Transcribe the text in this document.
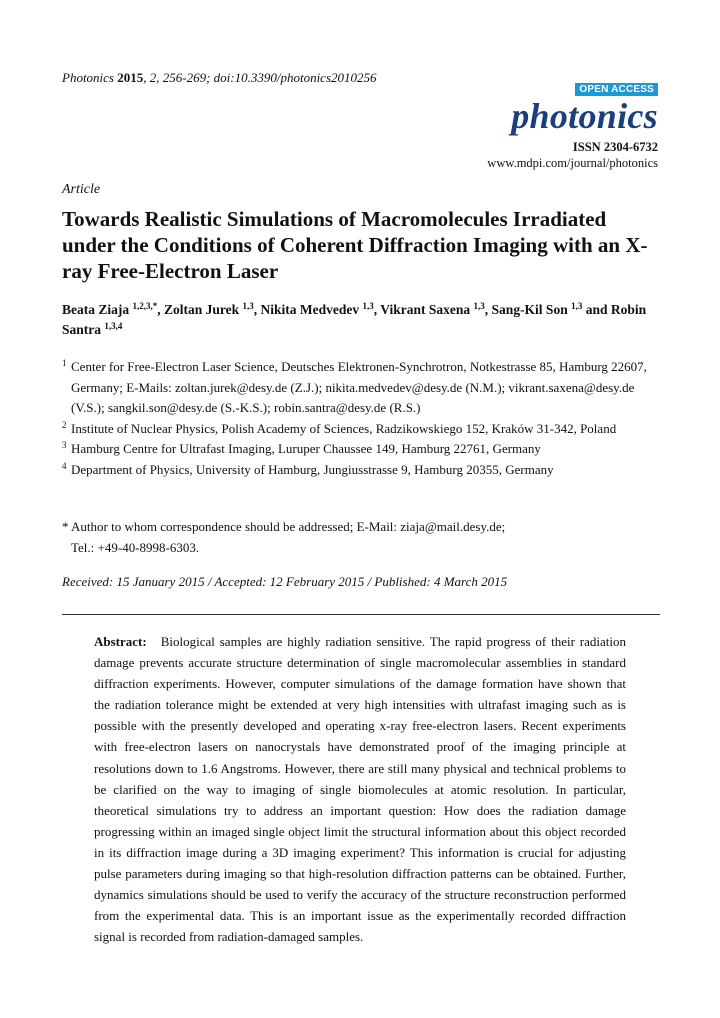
Photonics 2015, 2, 256-269; doi:10.3390/photonics2010256
OPEN ACCESS
photonics
ISSN 2304-6732
www.mdpi.com/journal/photonics
Article
Towards Realistic Simulations of Macromolecules Irradiated under the Conditions of Coherent Diffraction Imaging with an X-ray Free-Electron Laser
Beata Ziaja $^{1,2,3,*}$, Zoltan Jurek $^{1,3}$, Nikita Medvedev $^{1,3}$, Vikrant Saxena $^{1,3}$, Sang-Kil Son $^{1,3}$ and Robin Santra $^{1,3,4}$
1 Center for Free-Electron Laser Science, Deutsches Elektronen-Synchrotron, Notkestrasse 85, Hamburg 22607, Germany; E-Mails: zoltan.jurek@desy.de (Z.J.); nikita.medvedev@desy.de (N.M.); vikrant.saxena@desy.de (V.S.); sangkil.son@desy.de (S.-K.S.); robin.santra@desy.de (R.S.)
2 Institute of Nuclear Physics, Polish Academy of Sciences, Radzikowskiego 152, Kraków 31-342, Poland
3 Hamburg Centre for Ultrafast Imaging, Luruper Chaussee 149, Hamburg 22761, Germany
4 Department of Physics, University of Hamburg, Jungiusstrasse 9, Hamburg 20355, Germany
* Author to whom correspondence should be addressed; E-Mail: ziaja@mail.desy.de;
Tel.: +49-40-8998-6303.
Received: 15 January 2015 / Accepted: 12 February 2015 / Published: 4 March 2015
Abstract: Biological samples are highly radiation sensitive. The rapid progress of their radiation damage prevents accurate structure determination of single macromolecular assemblies in standard diffraction experiments. However, computer simulations of the damage formation have shown that the radiation tolerance might be extended at very high intensities with ultrafast imaging such as is possible with the presently developed and operating x-ray free-electron lasers. Recent experiments with free-electron lasers on nanocrystals have demonstrated proof of the imaging principle at resolutions down to 1.6 Angstroms. However, there are still many physical and technical problems to be clarified on the way to imaging of single biomolecules at atomic resolution. In particular, theoretical simulations try to address an important question: How does the radiation damage progressing within an imaged single object limit the structural information about this object recorded in its diffraction image during a 3D imaging experiment? This information is crucial for adjusting pulse parameters during imaging so that high-resolution diffraction patterns can be obtained. Further, dynamics simulations should be used to verify the accuracy of the structure reconstruction performed from the experimental data. This is an important issue as the experimentally recorded diffraction signal is recorded from radiation-damaged samples.
